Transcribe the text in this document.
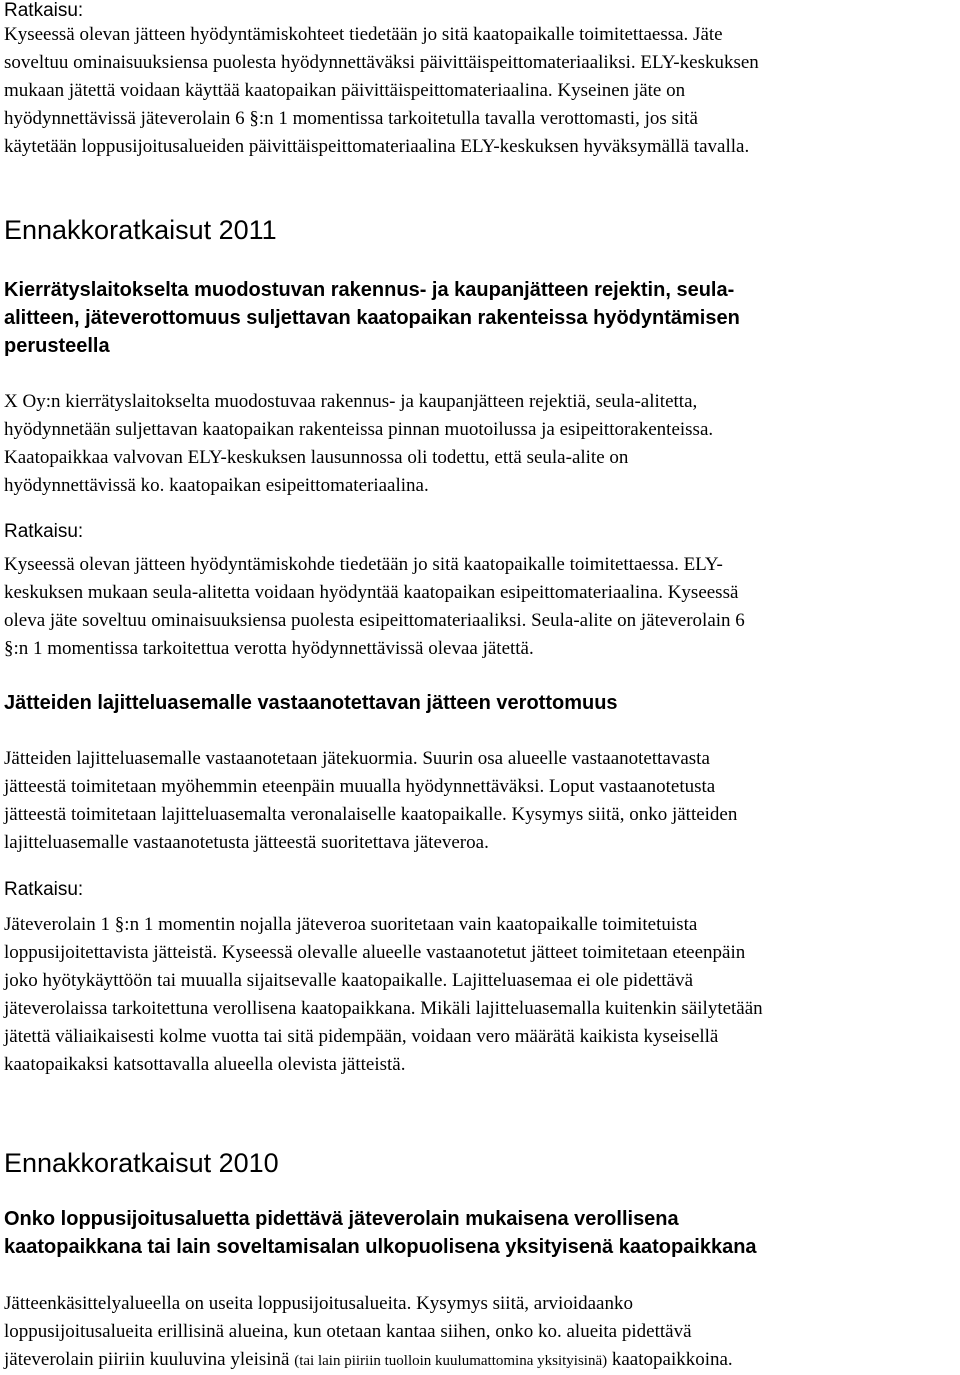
Ratkaisu:
Kyseessä olevan jätteen hyödyntämiskohteet tiedetään jo sitä kaatopaikalle toimitettaessa. Jäte
soveltuu ominaisuuksiensa puolesta hyödynnettäväksi päivittäispeittomateriaaliksi. ELY-keskuksen
mukaan jätettä voidaan käyttää kaatopaikan päivittäispeittomateriaalina. Kyseinen jäte on
hyödynnettävissä jäteverolain 6 §:n 1 momentissa tarkoitetulla tavalla verottomasti, jos sitä
käytetään loppusijoitusalueiden päivittäispeittomateriaalina ELY-keskuksen hyväksymällä tavalla.
Ennakkoratkaisut 2011
Kierrätyslaitokselta muodostuvan rakennus- ja kaupanjätteen rejektin, seula-
alitteen, jäteverottomuus suljettavan kaatopaikan rakenteissa hyödyntämisen
perusteella
X Oy:n kierrätyslaitokselta muodostuvaa rakennus- ja kaupanjätteen rejektiä, seula-alitetta,
hyödynnetään suljettavan kaatopaikan rakenteissa pinnan muotoilussa ja esipeittorakenteissa.
Kaatopaikkaa valvovan ELY-keskuksen lausunnossa oli todettu, että seula-alite on
hyödynnettävissä ko. kaatopaikan esipeittomateriaalina.
Ratkaisu:
Kyseessä olevan jätteen hyödyntämiskohde tiedetään jo sitä kaatopaikalle toimitettaessa. ELY-
keskuksen mukaan seula-alitetta voidaan hyödyntää kaatopaikan esipeittomateriaalina. Kyseessä
oleva jäte soveltuu ominaisuuksiensa puolesta esipeittomateriaaliksi. Seula-alite on jäteverolain 6
§:n 1 momentissa tarkoitettua verotta hyödynnettävissä olevaa jätettä.
Jätteiden lajitteluasemalle vastaanotettavan jätteen verottomuus
Jätteiden lajitteluasemalle vastaanotetaan jätekuormia. Suurin osa alueelle vastaanotettavasta
jätteestä toimitetaan myöhemmin eteenpäin muualla hyödynnettäväksi. Loput vastaanotetusta
jätteestä toimitetaan lajitteluasemalta veronalaiselle kaatopaikalle. Kysymys siitä, onko jätteiden
lajitteluasemalle vastaanotetusta jätteestä suoritettava jäteveroa.
Ratkaisu:
Jäteverolain 1 §:n 1 momentin nojalla jäteveroa suoritetaan vain kaatopaikalle toimitetuista
loppusijoitettavista jätteistä. Kyseessä olevalle alueelle vastaanotetut jätteet toimitetaan eteenpäin
joko hyötykäyttöön tai muualla sijaitsevalle kaatopaikalle. Lajitteluasemaa ei ole pidettävä
jäteverolaissa tarkoitettuna verollisena kaatopaikkana. Mikäli lajitteluasemalla kuitenkin säilytetään
jätettä väliaikaisesti kolme vuotta tai sitä pidempään, voidaan vero määrätä kaikista kyseisellä
kaatopaikaksi katsottavalla alueella olevista jätteistä.
Ennakkoratkaisut 2010
Onko loppusijoitusaluetta pidettävä jäteverolain mukaisena verollisena
kaatopaikkana tai lain soveltamisalan ulkopuolisena yksityisenä kaatopaikkana
Jätteenkäsittelyalueella on useita loppusijoitusalueita. Kysymys siitä, arvioidaanko
loppusijoitusalueita erillisinä alueina, kun otetaan kantaa siihen, onko ko. alueita pidettävä
jäteverolain piiriin kuuluvina yleisinä (tai lain piiriin tuolloin kuulumattomina yksityisinä) kaatopaikkoina.
